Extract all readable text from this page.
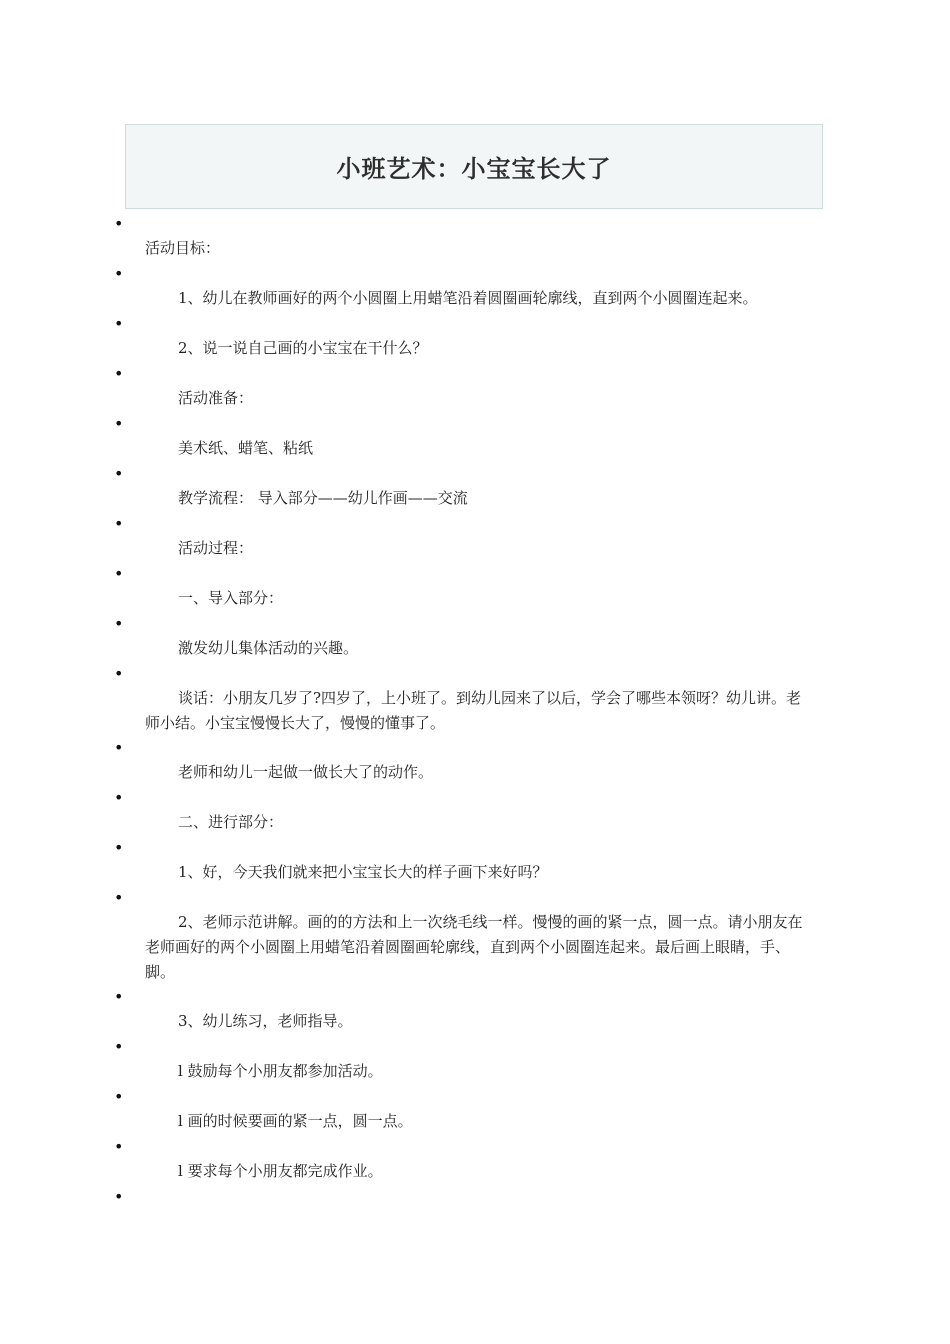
小班艺术：小宝宝长大了
•
•
•
•
•
•
•
•
•
•
•
•
•
•
•
•
•
•
•

活动目标：

1、幼儿在教师画好的两个小圆圈上用蜡笔沿着圆圈画轮廓线，直到两个小圆圈连起来。

2、说一说自己画的小宝宝在干什么？

活动准备：

美术纸、蜡笔、粘纸

教学流程： 导入部分——幼儿作画——交流

活动过程：

一、导入部分：

激发幼儿集体活动的兴趣。

谈话：小朋友几岁了?四岁了，上小班了。到幼儿园来了以后，学会了哪些本领呀？幼儿讲。老师小结。小宝宝慢慢长大了，慢慢的懂事了。

老师和幼儿一起做一做长大了的动作。

二、进行部分：

1、好，今天我们就来把小宝宝长大的样子画下来好吗？

2、老师示范讲解。画的的方法和上一次绕毛线一样。慢慢的画的紧一点，圆一点。请小朋友在老师画好的两个小圆圈上用蜡笔沿着圆圈画轮廓线，直到两个小圆圈连起来。最后画上眼睛，手、脚。

3、幼儿练习，老师指导。

l 鼓励每个小朋友都参加活动。

l 画的时候要画的紧一点，圆一点。

l 要求每个小朋友都完成作业。
